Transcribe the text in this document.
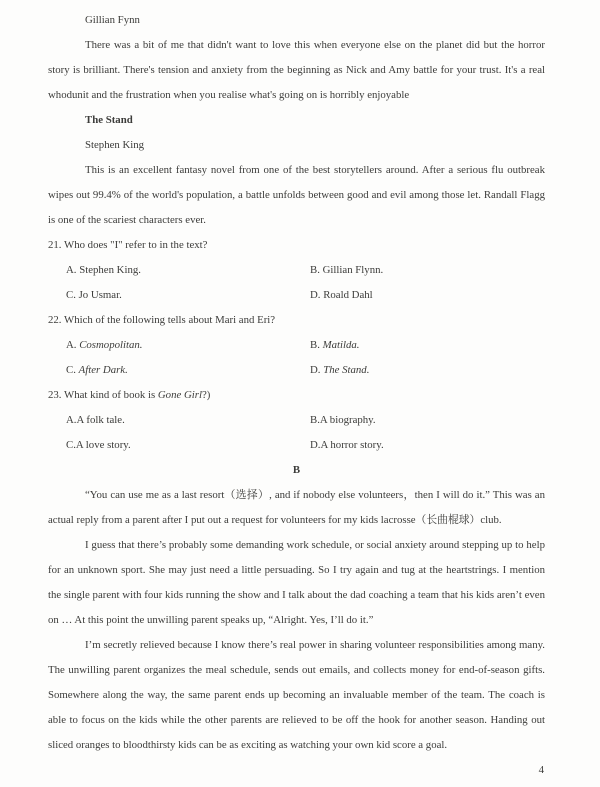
Gillian Fynn

There was a bit of me that didn't want to love this when everyone else on the planet did but the horror story is brilliant. There's tension and anxiety from the beginning as Nick and Amy battle for your trust. It's a real whodunit and the frustration when you realise what's going on is horribly enjoyable

The Stand

Stephen King

This is an excellent fantasy novel from one of the best storytellers around. After a serious flu outbreak wipes out 99.4% of the world's population, a battle unfolds between good and evil among those let. Randall Flagg is one of the scariest characters ever.

21. Who does "I" refer to in the text?

A. Stephen King.	B. Gillian Flynn.
C. Jo Usmar.	D. Roald Dahl

22. Which of the following tells about Mari and Eri?

A. Cosmopolitan.	B. Matilda.
C. After Dark.	D. The Stand.

23. What kind of book is Gone Girl?)

A.A folk tale.	B.A biography.
C.A love story.	D.A horror story.

B

“You can use me as a last resort（选择）, and if nobody else volunteers，then I will do it.” This was an actual reply from a parent after I put out a request for volunteers for my kids lacrosse（长曲棍球）club.

I guess that there’s probably some demanding work schedule, or social anxiety around stepping up to help for an unknown sport. She may just need a little persuading. So I try again and tug at the heartstrings. I mention the single parent with four kids running the show and I talk about the dad coaching a team that his kids aren’t even on … At this point the unwilling parent speaks up, “Alright. Yes, I’ll do it.”

I’m secretly relieved because I know there’s real power in sharing volunteer responsibilities among many. The unwilling parent organizes the meal schedule, sends out emails, and collects money for end-of-season gifts. Somewhere along the way, the same parent ends up becoming an invaluable member of the team. The coach is able to focus on the kids while the other parents are relieved to be off the hook for another season. Handing out sliced oranges to bloodthirsty kids can be as exciting as watching your own kid score a goal.

4
